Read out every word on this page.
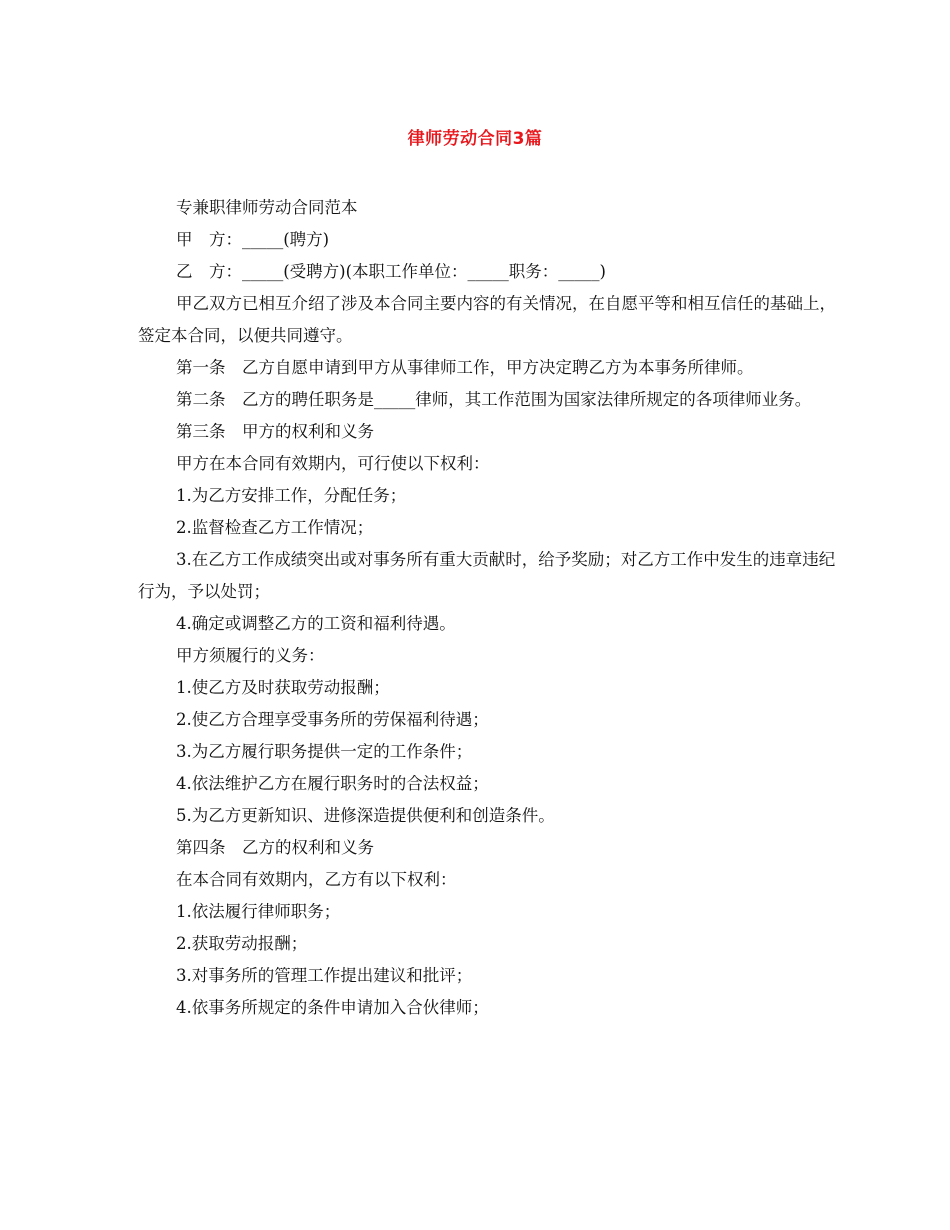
律师劳动合同3篇

专兼职律师劳动合同范本

甲　方：_____(聘方)

乙　方：_____(受聘方)(本职工作单位：_____职务：_____)

甲乙双方已相互介绍了涉及本合同主要内容的有关情况，在自愿平等和相互信任的基础上，签定本合同，以便共同遵守。

第一条　乙方自愿申请到甲方从事律师工作，甲方决定聘乙方为本事务所律师。

第二条　乙方的聘任职务是_____律师，其工作范围为国家法律所规定的各项律师业务。

第三条　甲方的权利和义务

甲方在本合同有效期内，可行使以下权利：

1.为乙方安排工作，分配任务；

2.监督检查乙方工作情况；

3.在乙方工作成绩突出或对事务所有重大贡献时，给予奖励；对乙方工作中发生的违章违纪行为，予以处罚；

4.确定或调整乙方的工资和福利待遇。

甲方须履行的义务：

1.使乙方及时获取劳动报酬；

2.使乙方合理享受事务所的劳保福利待遇；

3.为乙方履行职务提供一定的工作条件；

4.依法维护乙方在履行职务时的合法权益；

5.为乙方更新知识、进修深造提供便利和创造条件。

第四条　乙方的权利和义务

在本合同有效期内，乙方有以下权利：

1.依法履行律师职务；

2.获取劳动报酬；

3.对事务所的管理工作提出建议和批评；

4.依事务所规定的条件申请加入合伙律师；
